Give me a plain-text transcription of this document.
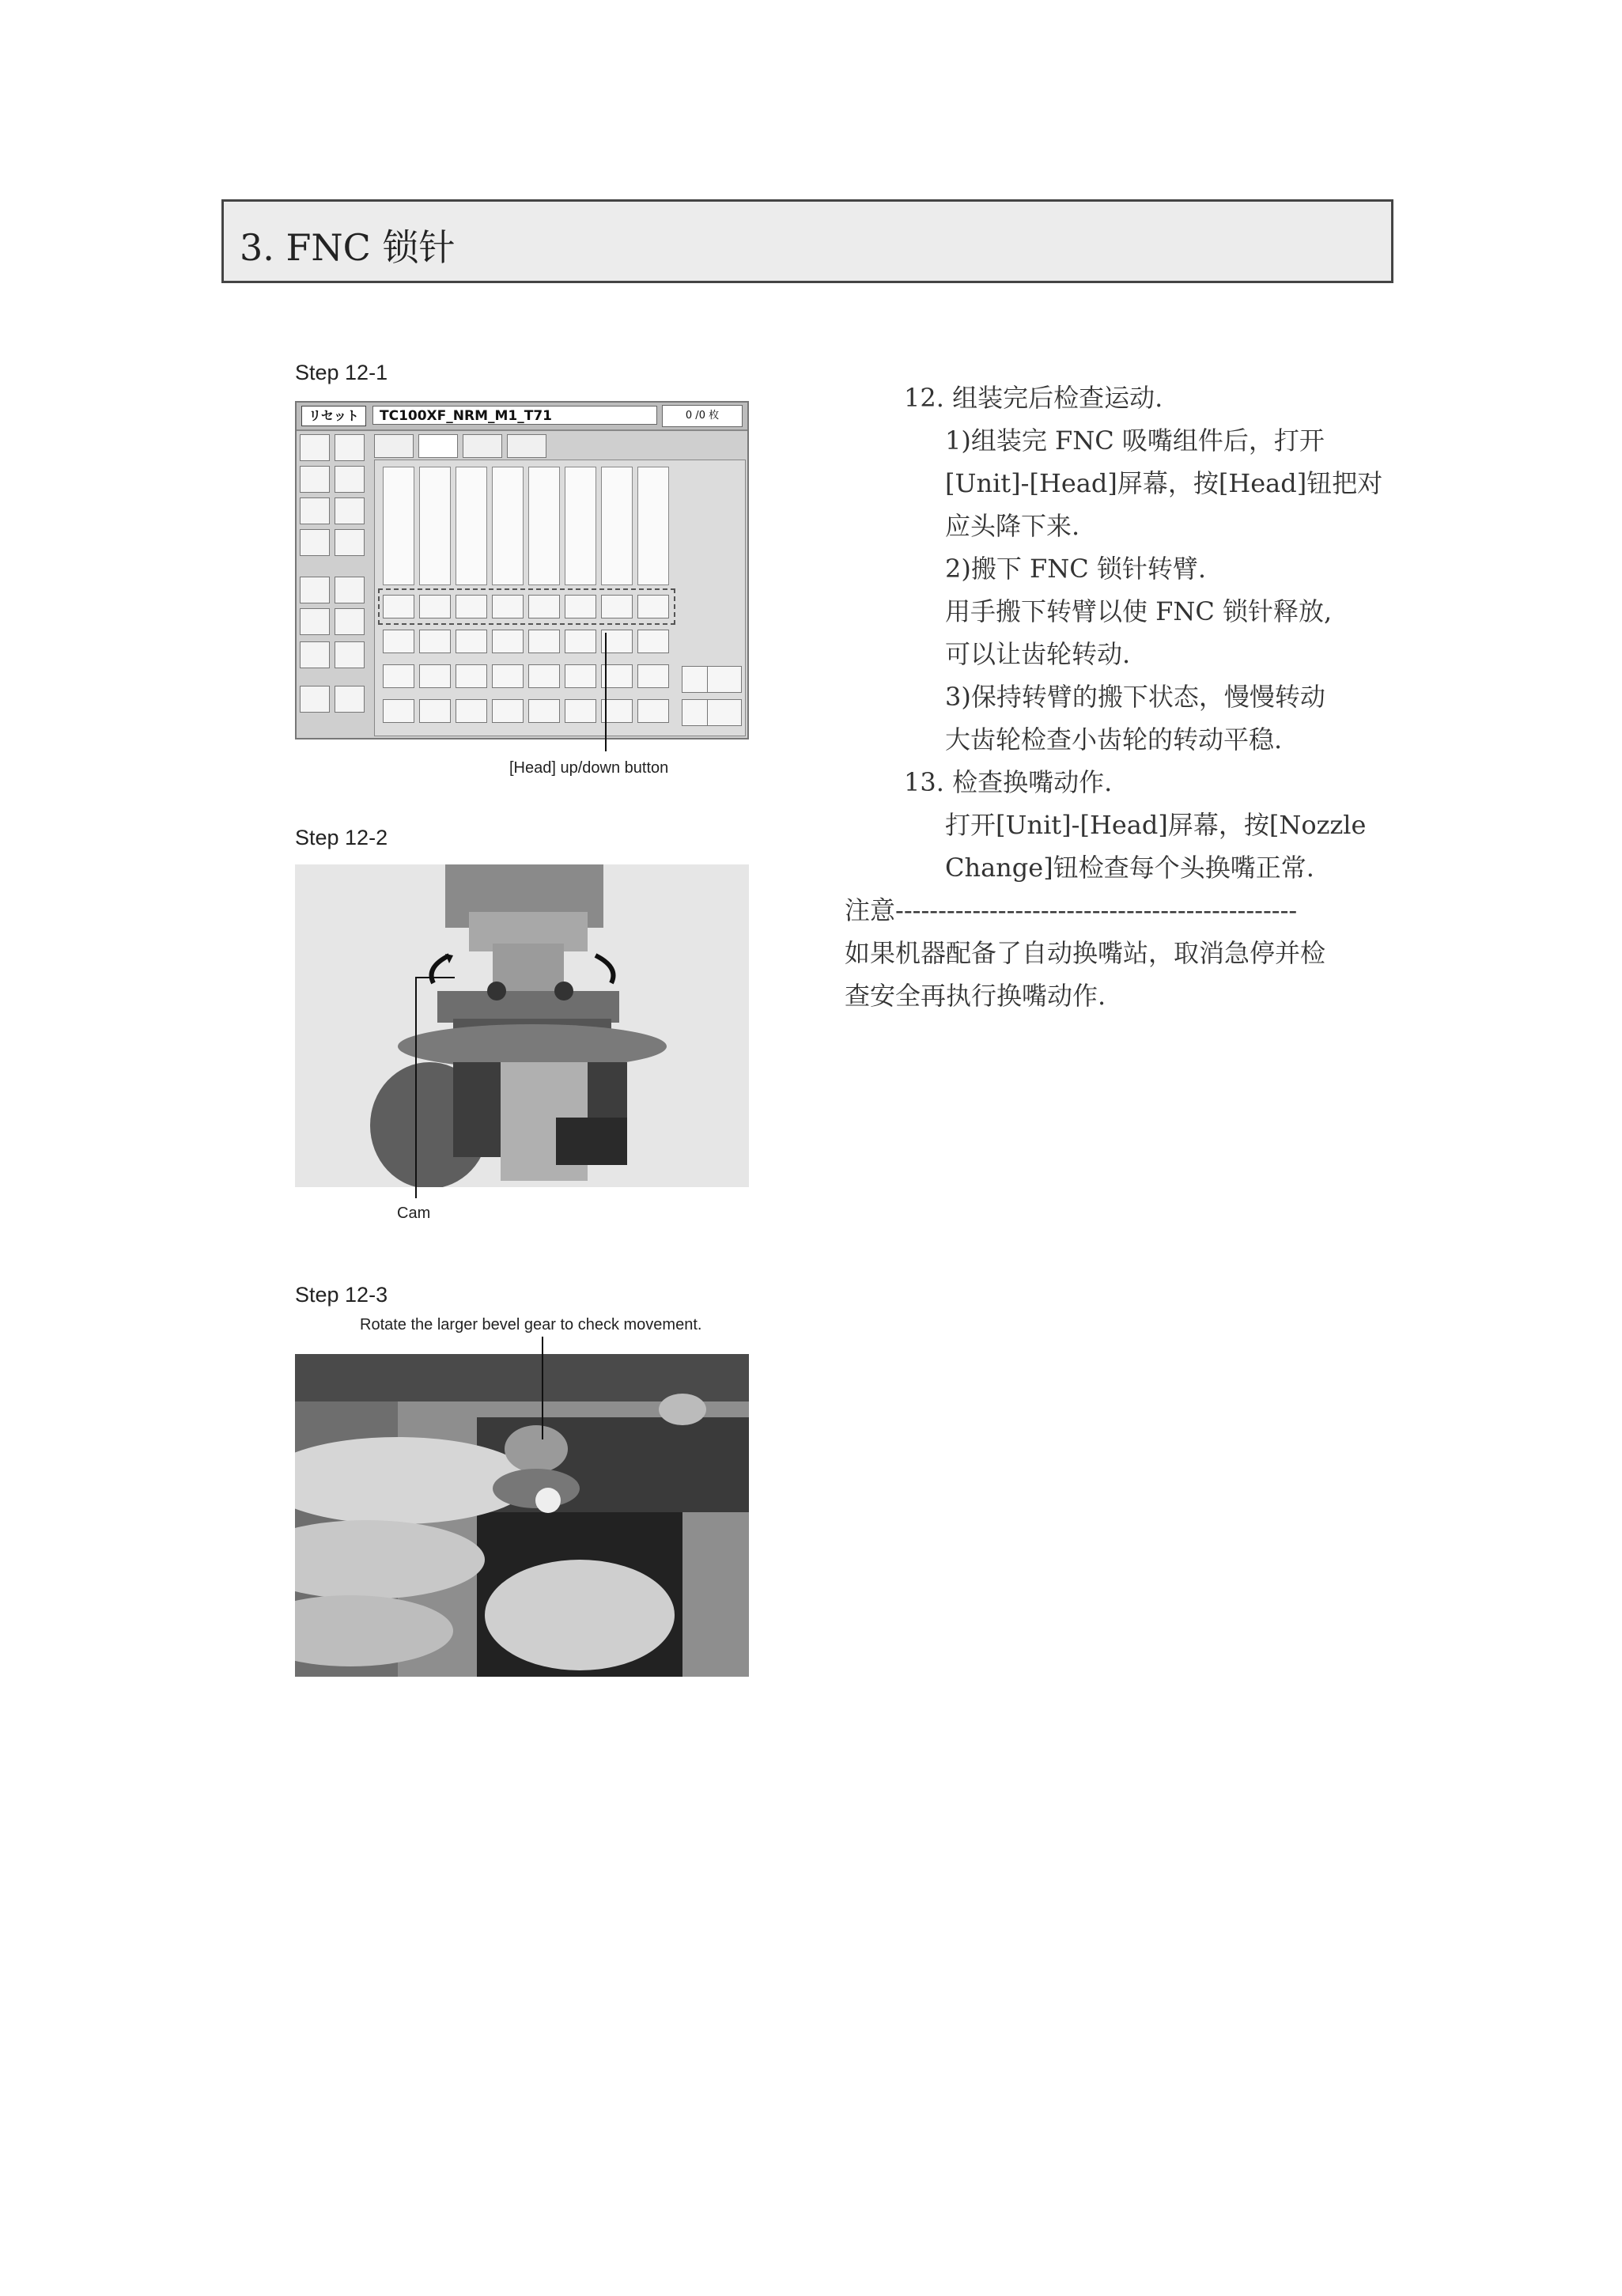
3. FNC 锁针
Step 12-1
リセット	TC100XF_NRM_M1_T71	0 /0 枚
[Head] up/down button
Step 12-2
Cam
Step 12-3
Rotate the larger bevel gear to check movement.
12. 组装完后检查运动.
1)组装完 FNC 吸嘴组件后，打开
[Unit]-[Head]屏幕，按[Head]钮把对
应头降下来.
2)搬下 FNC 锁针转臂.
用手搬下转臂以使 FNC 锁针释放,
可以让齿轮转动.
3)保持转臂的搬下状态，慢慢转动
大齿轮检查小齿轮的转动平稳.
13. 检查换嘴动作.
打开[Unit]-[Head]屏幕，按[Nozzle
Change]钮检查每个头换嘴正常.
注意-----------------------------------------------
如果机器配备了自动换嘴站，取消急停并检
查安全再执行换嘴动作.
